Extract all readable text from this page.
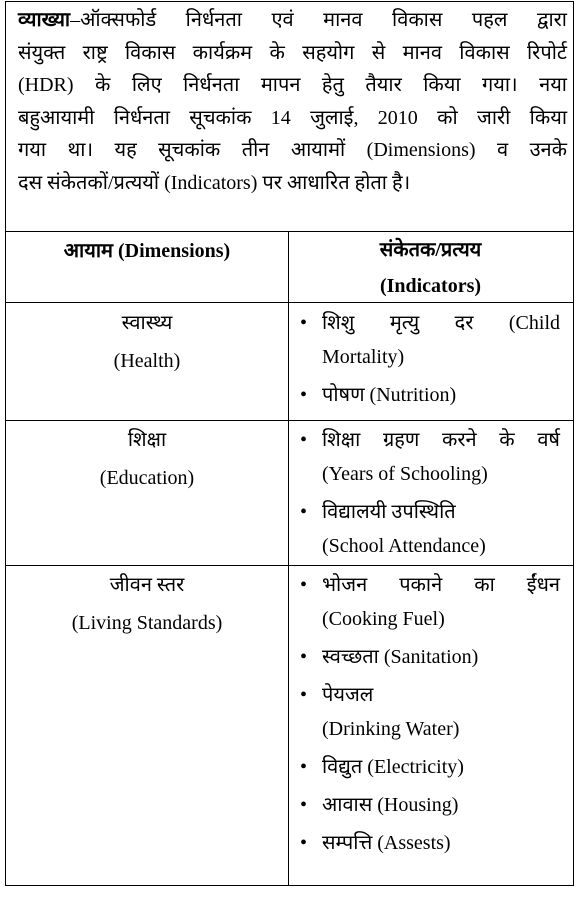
व्याख्या–ऑक्सफोर्ड निर्धनता एवं मानव विकास पहल द्वारा
संयुक्त राष्ट्र विकास कार्यक्रम के सहयोग से मानव विकास रिपोर्ट
(HDR) के लिए निर्धनता मापन हेतु तैयार किया गया। नया
बहुआयामी निर्धनता सूचकांक 14 जुलाई, 2010 को जारी किया
गया था। यह सूचकांक तीन आयामों (Dimensions) व उनके
दस संकेतकों/प्रत्ययों (Indicators) पर आधारित होता है।
आयाम (Dimensions)	संकेतक/प्रत्यय
(Indicators)
स्वास्थ्य
(Health)
• शिशु मृत्यु दर (Child
Mortality)
• पोषण (Nutrition)
शिक्षा
(Education)
• शिक्षा ग्रहण करने के वर्ष
(Years of Schooling)
• विद्यालयी उपस्थिति
(School Attendance)
जीवन स्तर
(Living Standards)
• भोजन पकाने का ईंधन
(Cooking Fuel)
• स्वच्छता (Sanitation)
• पेयजल
(Drinking Water)
• विद्युत (Electricity)
• आवास (Housing)
• सम्पत्ति (Assests)
